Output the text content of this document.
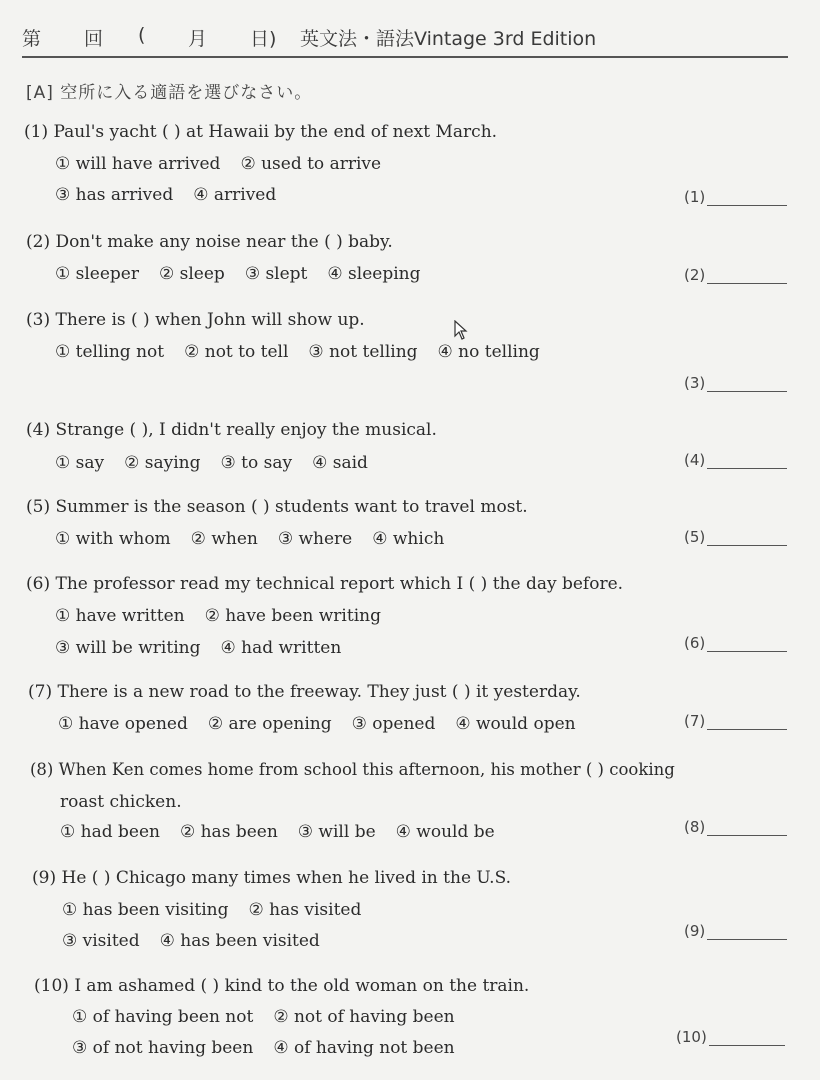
第 回 ( 月 日) 英文法・語法Vintage 3rd Edition
[A] 空所に入る適語を選びなさい。
(1) Paul's yacht ( ) at Hawaii by the end of next March.
① will have arrived ② used to arrive
③ has arrived ④ arrived	(1)
(2) Don't make any noise near the ( ) baby.
① sleeper ② sleep ③ slept ④ sleeping	(2)
(3) There is ( ) when John will show up.
① telling not ② not to tell ③ not telling ④ no telling
(3)
(4) Strange ( ), I didn't really enjoy the musical.
① say ② saying ③ to say ④ said	(4)
(5) Summer is the season ( ) students want to travel most.
① with whom ② when ③ where ④ which	(5)
(6) The professor read my technical report which I ( ) the day before.
① have written ② have been writing
③ will be writing ④ had written	(6)
(7) There is a new road to the freeway. They just ( ) it yesterday.
① have opened ② are opening ③ opened ④ would open	(7)
(8) When Ken comes home from school this afternoon, his mother ( ) cooking
roast chicken.
① had been ② has been ③ will be ④ would be	(8)
(9) He ( ) Chicago many times when he lived in the U.S.
① has been visiting ② has visited
③ visited ④ has been visited	(9)
(10) I am ashamed ( ) kind to the old woman on the train.
① of having been not ② not of having been
③ of not having been ④ of having not been
(10)
